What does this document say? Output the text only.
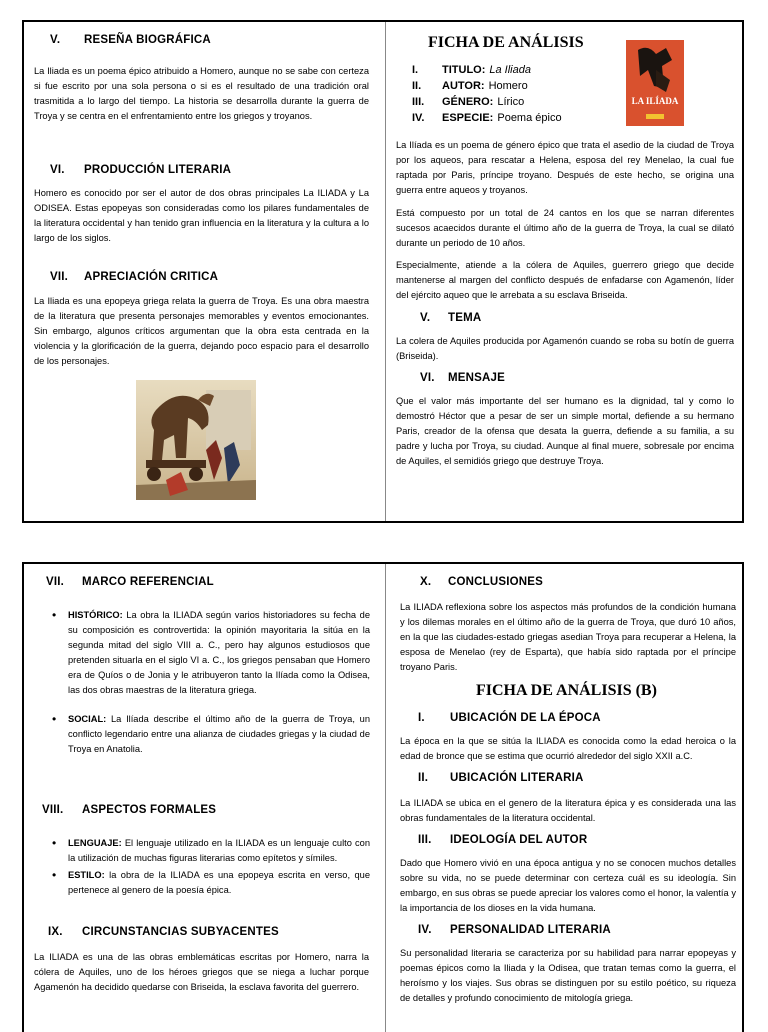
V. RESEÑA BIOGRÁFICA
La Iliada es un poema épico atribuido a Homero, aunque no se sabe con certeza si fue escrito por una sola persona o si es el resultado de una tradición oral trasmitida a lo largo del tiempo. La historia se desarrolla durante la guerra de Troya y se centra en el enfrentamiento entre los griegos y troyanos.
VI. PRODUCCIÓN LITERARIA
Homero es conocido por ser el autor de dos obras principales La ILIADA y La ODISEA. Estas epopeyas son consideradas como los pilares fundamentales de la literatura occidental y han tenido gran influencia en la literatura y la cultura a lo largo de los siglos.
VII. APRECIACIÓN CRITICA
La Iliada es una epopeya griega relata la guerra de Troya. Es una obra maestra de la literatura que presenta personajes memorables y eventos emocionantes. Sin embargo, algunos críticos argumentan que la obra esta centrada en la violencia y la glorificación de la guerra, dejando poco espacio para el desarrollo de los personajes.
FICHA DE ANÁLISIS
I.	TITULO: La Iliada
II.	AUTOR: Homero
III.	GÉNERO: Lírico
IV.	ESPECIE: Poema épico
LA ILÍADA
La Ilíada es un poema de género épico que trata el asedio de la ciudad de Troya por los aqueos, para rescatar a Helena, esposa del rey Menelao, la cual fue raptada por Paris, príncipe troyano. Después de este hecho, se origina una guerra entre aqueos y troyanos.
Está compuesto por un total de 24 cantos en los que se narran diferentes sucesos acaecidos durante el último año de la guerra de Troya, la cual se dilató durante un periodo de 10 años.
Especialmente, atiende a la cólera de Aquiles, guerrero griego que decide mantenerse al margen del conflicto después de enfadarse con Agamenón, líder del ejército aqueo que le arrebata a su esclava Briseida.
V. TEMA
La colera de Aquiles producida por Agamenón cuando se roba su botín de guerra (Briseida).
VI. MENSAJE
Que el valor más importante del ser humano es la dignidad, tal y como lo demostró Héctor que a pesar de ser un simple mortal, defiende a su hermano Paris, creador de la ofensa que desata la guerra, defiende a su familia, a su padre y lucha por Troya, su ciudad. Aunque al final muere, sobresale por encima de Aquiles, el semidiós griego que destruye Troya.
VII. MARCO REFERENCIAL
• HISTÓRICO: La obra la ILIADA según varios historiadores su fecha de su composición es controvertida: la opinión mayoritaria la sitúa en la segunda mitad del siglo VIII a. C., pero hay algunos estudiosos que pretenden situarla en el siglo VI a. C., los griegos pensaban que Homero era de Quíos o de Jonia y le atribuyeron tanto la Ilíada como la Odisea, las dos obras maestras de la literatura griega.
• SOCIAL: La Ilíada describe el último año de la guerra de Troya, un conflicto legendario entre una alianza de ciudades griegas y la ciudad de Troya en Anatolia.
VIII. ASPECTOS FORMALES
• LENGUAJE: El lenguaje utilizado en la ILIADA es un lenguaje culto con la utilización de muchas figuras literarias como epítetos y símiles.
• ESTILO: la obra de la ILIADA es una epopeya escrita en verso, que pertenece al genero de la poesía épica.
IX. CIRCUNSTANCIAS SUBYACENTES
La ILIADA es una de las obras emblemáticas escritas por Homero, narra la cólera de Aquiles, uno de los héroes griegos que se niega a luchar porque Agamenón ha decidido quedarse con Briseida, la esclava favorita del guerrero.
X. CONCLUSIONES
La ILIADA reflexiona sobre los aspectos más profundos de la condición humana y los dilemas morales en el último año de la guerra de Troya, que duró 10 años, en la que las ciudades-estado griegas asedian Troya para recuperar a Helena, la esposa de Menelao (rey de Esparta), que había sido raptada por el príncipe troyano Paris.
FICHA DE ANÁLISIS (B)
I. UBICACIÓN DE LA ÉPOCA
La época en la que se sitúa la ILIADA es conocida como la edad heroica o la edad de bronce que se estima que ocurrió alrededor del siglo XXII a.C.
II. UBICACIÓN LITERARIA
La ILIADA se ubica en el genero de la literatura épica y es considerada una las obras fundamentales de la literatura occidental.
III. IDEOLOGÍA DEL AUTOR
Dado que Homero vivió en una época antigua y no se conocen muchos detalles sobre su vida, no se puede determinar con certeza cuál es su ideología. Sin embargo, en sus obras se puede apreciar los valores como el honor, la valentía y la importancia de los dioses en la vida humana.
IV. PERSONALIDAD LITERARIA
Su personalidad literaria se caracteriza por su habilidad para narrar epopeyas y poemas épicos como la Iliada y la Odisea, que tratan temas como la guerra, el heroísmo y los viajes. Sus obras se distinguen por su estilo poético, su riqueza de detalles y profundo conocimiento de mitología griega.
